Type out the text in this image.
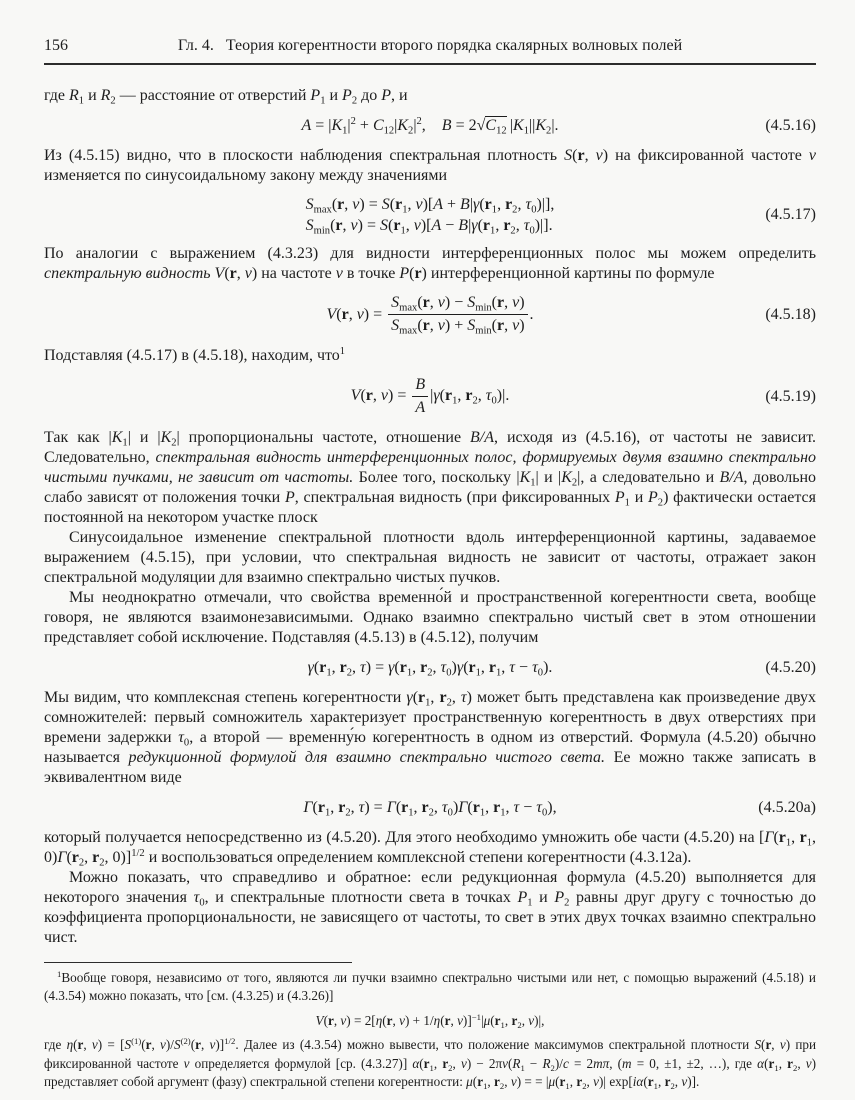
156	Гл. 4.  Теория когерентности второго порядка скалярных волновых полей

где $R_1$ и $R_2$ — расстояние от отверстий $P_1$ и $P_2$ до P, и

$A = |K_1|^2 + C_{12}|K_2|^2$, $B = 2√C_{12}$ $|K_1||K_2|$.	(4.5.16)

Из (4.5.15) видно, что в плоскости наблюдения спектральная плотность S(r, ν) на фиксированной частоте ν изменяется по синусоидальному закону между значениями

$S_{max}(r$, $\nu) = S(r_1$, $\nu)[A + B|\gamma(r_1$, $r_2$, $\tau_0)|$],
$S_{min}(r$, $\nu) = S(r_1$, $\nu)[A - B|\gamma(r_1$, $r_2$, $\tau_0)|$].
(4.5.17)

По аналогии с выражением (4.3.23) для видности интерференционных полос мы можем определить спектральную видность V(r, ν) на частоте ν в точке P(r) интерференционной картины по формуле

V(r, $\nu) = \frac{S_{max}(r, \nu) - S_{min}(r, \nu)}{S_{max}(r, \nu) + S_{min}(r, \nu)}$ .	(4.5.18)

Подставляя (4.5.17) в (4.5.18), находим, что$^1$

V(r, $\nu) = \frac{B}{A} |\gamma(r_1$, $r_2$, $\tau_0)|$.	(4.5.19)

Так как $|K_1|$ и $|K_2|$ пропорциональны частоте, отношение B/A, исходя из (4.5.16), от частоты не зависит. Следовательно, спектральная видность интерференционных полос, формируемых двумя взаимно спектрально чистыми пучками, не зависит от частоты. Более того, поскольку $|K_1|$ и $|K_2|$, а следовательно и B/A, довольно слабо зависят от положения точки P, спектральная видность (при фиксированных $P_1$ и $P_2$) фактически остается постоянной на некотором участке плоск

Синусоидальное изменение спектральной плотности вдоль интерференционной картины, задаваемое выражением (4.5.15), при условии, что спектральная видность не зависит от частоты, отражает закон спектральной модуляции для взаимно спектрально чистых пучков.

Мы неоднократно отмечали, что свойства временно́й и пространственной когерентности света, вообще говоря, не являются взаимонезависимыми. Однако взаимно спектрально чистый свет в этом отношении представляет собой исключение. Подставляя (4.5.13) в (4.5.12), получим

$\gamma(r_1$, $r_2$, $\tau) = \gamma(r_1$, $r_2$, $\tau_0)\gamma(r_1$, $r_1$, $\tau - \tau_0$).	(4.5.20)

Мы видим, что комплексная степень когерентности $\gamma(r_1$, $r_2$, τ) может быть представлена как произведение двух сомножителей: первый сомножитель характеризует пространственную когерентность в двух отверстиях при времени задержки $\tau_0$, а второй — временну́ю когерентность в одном из отверстий. Формула (4.5.20) обычно называется редукционной формулой для взаимно спектрально чистого света. Ее можно также записать в эквивалентном виде

$\Gamma(r_1$, $r_2$, $\tau) = \Gamma(r_1$, $r_2$, $\tau_0)\Gamma(r_1$, $r_1$, $\tau - \tau_0$),	(4.5.20а)

который получается непосредственно из (4.5.20). Для этого необходимо умножить обе части (4.5.20) на [$\Gamma(r_1$, $r_1$, $0)\Gamma(r_2$, $r_2$, 0)]$^{1/2}$ и воспользоваться определением комплексной степени когерентности (4.3.12а).

Можно показать, что справедливо и обратное: если редукционная формула (4.5.20) выполняется для некоторого значения $\tau_0$, и спектральные плотности света в точках $P_1$ и $P_2$ равны друг другу с точностью до коэффициента пропорциональности, не зависящего от частоты, то свет в этих двух точках взаимно спектрально чист.

$^1$Вообще говоря, независимо от того, являются ли пучки взаимно спектрально чистыми или нет, с помощью выражений (4.5.18) и (4.3.54) можно показать, что [см. (4.3.25) и (4.3.26)]

V(r, ν) = 2[η(r, ν) + 1/η(r, $\nu)]^{-1}|\mu(r_1$, $r_2$, ν)|,

где η(r, $\nu) = [S^{(1)}(r$, $\nu)/S^{(2)}(r$, ν)]$^{1/2}$. Далее из (4.3.54) можно вывести, что положение максимумов спектральной плотности S(r, ν) при фиксированной частоте ν определяется формулой [ср. (4.3.27)] $\alpha(r_1$, $r_2$, $\nu) - 2\pi\nu(R_1 - R_2)/c = 2m\pi$, (m = 0, ±1, ±2, …), где $\alpha(r_1$, $r_2$, ν) представляет собой аргумент (фазу) спектральной степени когерентности: $\mu(r_1$, $r_2$, ν) = = $|\mu(r_1$, $r_2$, ν)| $\exp[i\alpha(r_1$, $r_2$, ν)].
